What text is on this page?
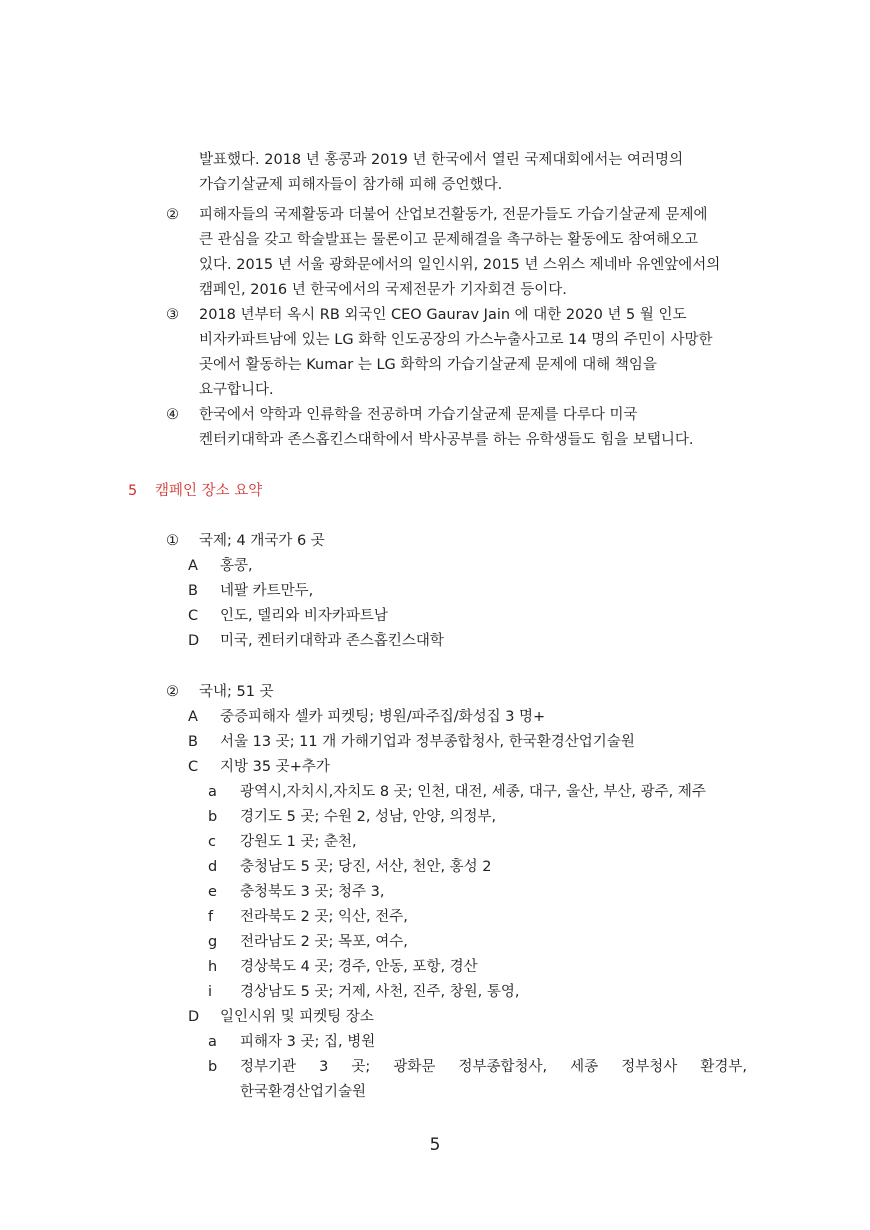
발표했다. 2018 년 홍콩과 2019 년 한국에서 열린 국제대회에서는 여러명의
가습기살균제 피해자들이 참가해 피해 증언했다.
② 피해자들의 국제활동과 더불어 산업보건활동가, 전문가들도 가습기살균제 문제에
큰 관심을 갖고 학술발표는 물론이고 문제해결을 촉구하는 활동에도 참여해오고
있다. 2015 년 서울 광화문에서의 일인시위, 2015 년 스위스 제네바 유엔앞에서의
캠페인, 2016 년 한국에서의 국제전문가 기자회견 등이다.
③ 2018 년부터 옥시 RB 외국인 CEO Gaurav Jain 에 대한 2020 년 5 월 인도
비자카파트남에 있는 LG 화학 인도공장의 가스누출사고로 14 명의 주민이 사망한
곳에서 활동하는 Kumar 는 LG 화학의 가습기살균제 문제에 대해 책임을
요구합니다.
④ 한국에서 약학과 인류학을 전공하며 가습기살균제 문제를 다루다 미국
켄터키대학과 존스홉킨스대학에서 박사공부를 하는 유학생들도 힘을 보탭니다.
5 캠페인 장소 요약
① 국제; 4 개국가 6 곳
A 홍콩,
B 네팔 카트만두,
C 인도, 델리와 비자카파트남
D 미국, 켄터키대학과 존스홉킨스대학
② 국내; 51 곳
A 중증피해자 셀카 피켓팅; 병원/파주집/화성집 3 명+
B 서울 13 곳; 11 개 가해기업과 정부종합청사, 한국환경산업기술원
C 지방 35 곳+추가
a 광역시,자치시,자치도 8 곳; 인천, 대전, 세종, 대구, 울산, 부산, 광주, 제주
b 경기도 5 곳; 수원 2, 성남, 안양, 의정부,
c 강원도 1 곳; 춘천,
d 충청남도 5 곳; 당진, 서산, 천안, 홍성 2
e 충청북도 3 곳; 청주 3,
f 전라북도 2 곳; 익산, 전주,
g 전라남도 2 곳; 목포, 여수,
h 경상북도 4 곳; 경주, 안동, 포항, 경산
i 경상남도 5 곳; 거제, 사천, 진주, 창원, 통영,
D 일인시위 및 피켓팅 장소
a 피해자 3 곳; 집, 병원
b 정부기관 3 곳; 광화문 정부종합청사, 세종 정부청사 환경부,
한국환경산업기술원
5
